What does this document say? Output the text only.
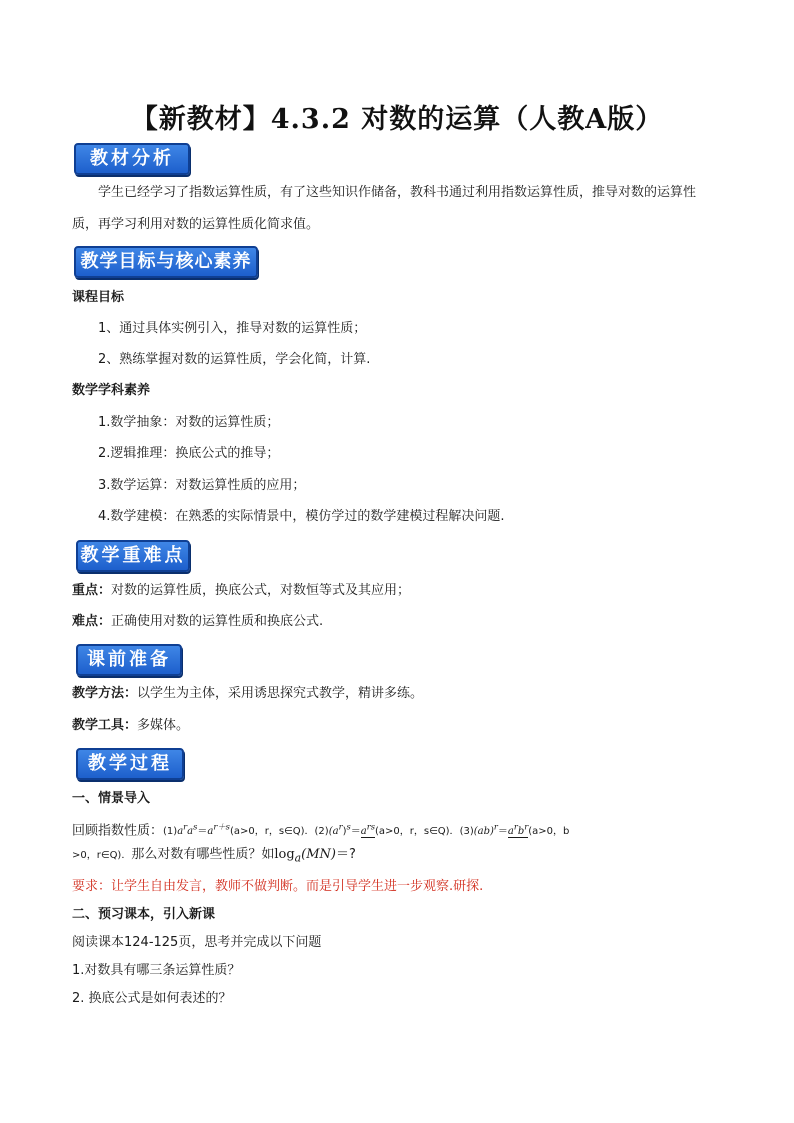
【新教材】4.3.2 对数的运算（人教A版）
教材分析
学生已经学习了指数运算性质，有了这些知识作储备，教科书通过利用指数运算性质，推导对数的运算性质，再学习利用对数的运算性质化简求值。
教学目标与核心素养
课程目标
1、通过具体实例引入，推导对数的运算性质；
2、熟练掌握对数的运算性质，学会化简，计算.
数学学科素养
1.数学抽象：对数的运算性质；
2.逻辑推理：换底公式的推导；
3.数学运算：对数运算性质的应用；
4.数学建模：在熟悉的实际情景中，模仿学过的数学建模过程解决问题.
教学重难点
重点：对数的运算性质，换底公式，对数恒等式及其应用；
难点：正确使用对数的运算性质和换底公式.
课前准备
教学方法：以学生为主体，采用诱思探究式教学，精讲多练。
教学工具：多媒体。
教学过程
一、情景导入
回顾指数性质：$(1)a^ra^s=a^{r+s}(a>0$，r，s∈Q)．$(2)(a^r)^s=a^{rs}(a>0$，r，s∈Q)．$(3)(ab)^r=a^rb^r(a>0$，b
>0，r∈Q)．那么对数有哪些性质？如$\log_a(MN)=$?
要求：让学生自由发言，教师不做判断。而是引导学生进一步观察.研探.
二、预习课本，引入新课
阅读课本124-125页，思考并完成以下问题
1.对数具有哪三条运算性质？
2. 换底公式是如何表述的？
